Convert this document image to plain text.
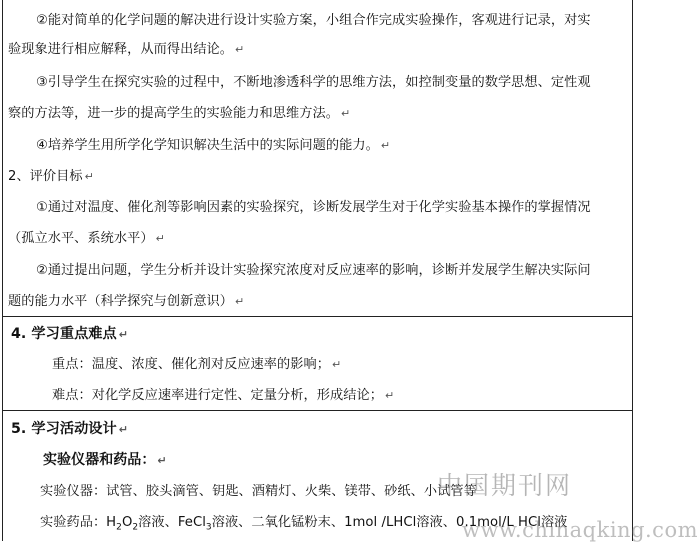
②能对简单的化学问题的解决进行设计实验方案，小组合作完成实验操作，客观进行记录，对实
验现象进行相应解释，从而得出结论。 ↵
③引导学生在探究实验的过程中，不断地渗透科学的思维方法，如控制变量的数学思想、定性观
察的方法等，进一步的提高学生的实验能力和思维方法。 ↵
④培养学生用所学化学知识解决生活中的实际问题的能力。 ↵
2、评价目标 ↵
①通过对温度、催化剂等影响因素的实验探究，诊断发展学生对于化学实验基本操作的掌握情况
（孤立水平、系统水平） ↵
②通过提出问题，学生分析并设计实验探究浓度对反应速率的影响，诊断并发展学生解决实际问
题的能力水平（科学探究与创新意识） ↵
4. 学习重点难点 ↵
重点：温度、浓度、催化剂对反应速率的影响； ↵
难点：对化学反应速率进行定性、定量分析，形成结论； ↵
5. 学习活动设计 ↵
实验仪器和药品： ↵
实验仪器：试管、胶头滴管、钥匙、酒精灯、火柴、镁带、砂纸、小试管等
实验药品：$H_2O_2$溶液、FeCl$_3$溶液、二氧化锰粉末、1mol /LHCl溶液、0.1mol/L HCl溶液
中国期刊网
www.chinaqking.com
